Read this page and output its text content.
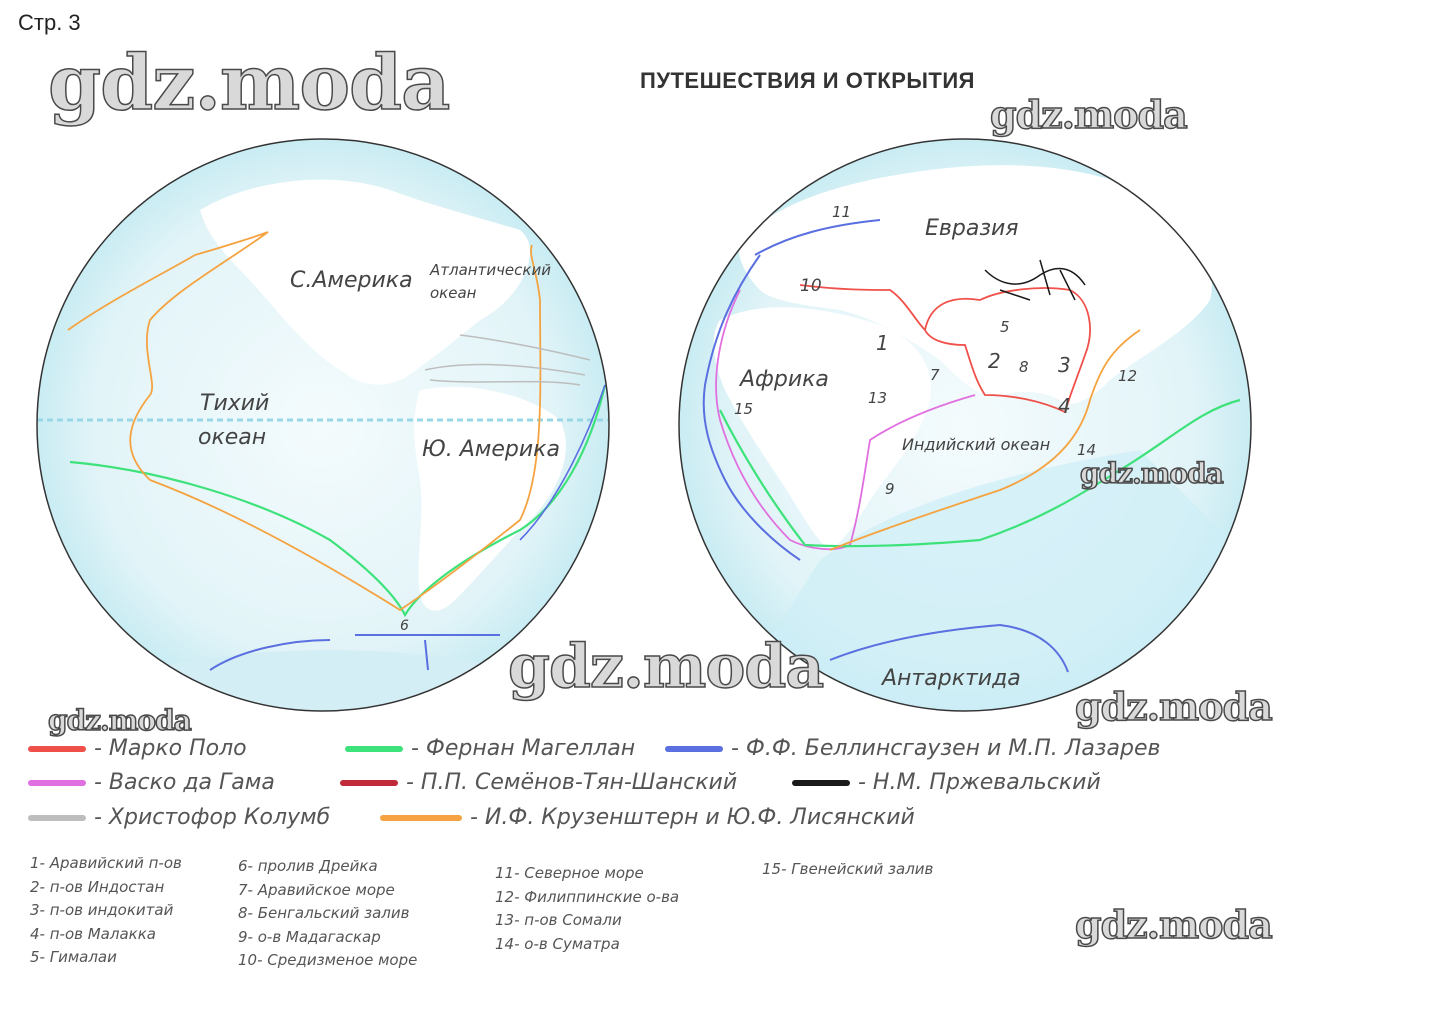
Стр. 3
ПУТЕШЕСТВИЯ И ОТКРЫТИЯ
С.Америка Атлантический
океан
Тихий
океан	Ю. Америка
6
Евразия
Африка
Индийский океан
Антарктида
1
2	3
4
5
7	8
9
10
11
12
13
14
15
gdz.moda	gdz.moda
gdz.moda
gdz.moda
gdz.moda
gdz.moda
gdz.moda
- Марко Поло	- Фернан Магеллан	- Ф.Ф. Беллинсгаузен и М.П. Лазарев
- Васко да Гама	- П.П. Семёнов-Тян-Шанский	- Н.М. Пржевальский
- Христофор Колумб	- И.Ф. Крузенштерн и Ю.Ф. Лисянский
1- Аравийский п-ов
2- п-ов Индостан
3- п-ов индокитай
4- п-ов Малакка
5- Гималаи
6- пролив Дрейка
7- Аравийское море
8- Бенгальский залив
9- о-в Мадагаскар
10- Средизменое море
11- Северное море
12- Филиппинские о-ва
13- п-ов Сомали
14- о-в Суматра
15- Гвенейский залив
